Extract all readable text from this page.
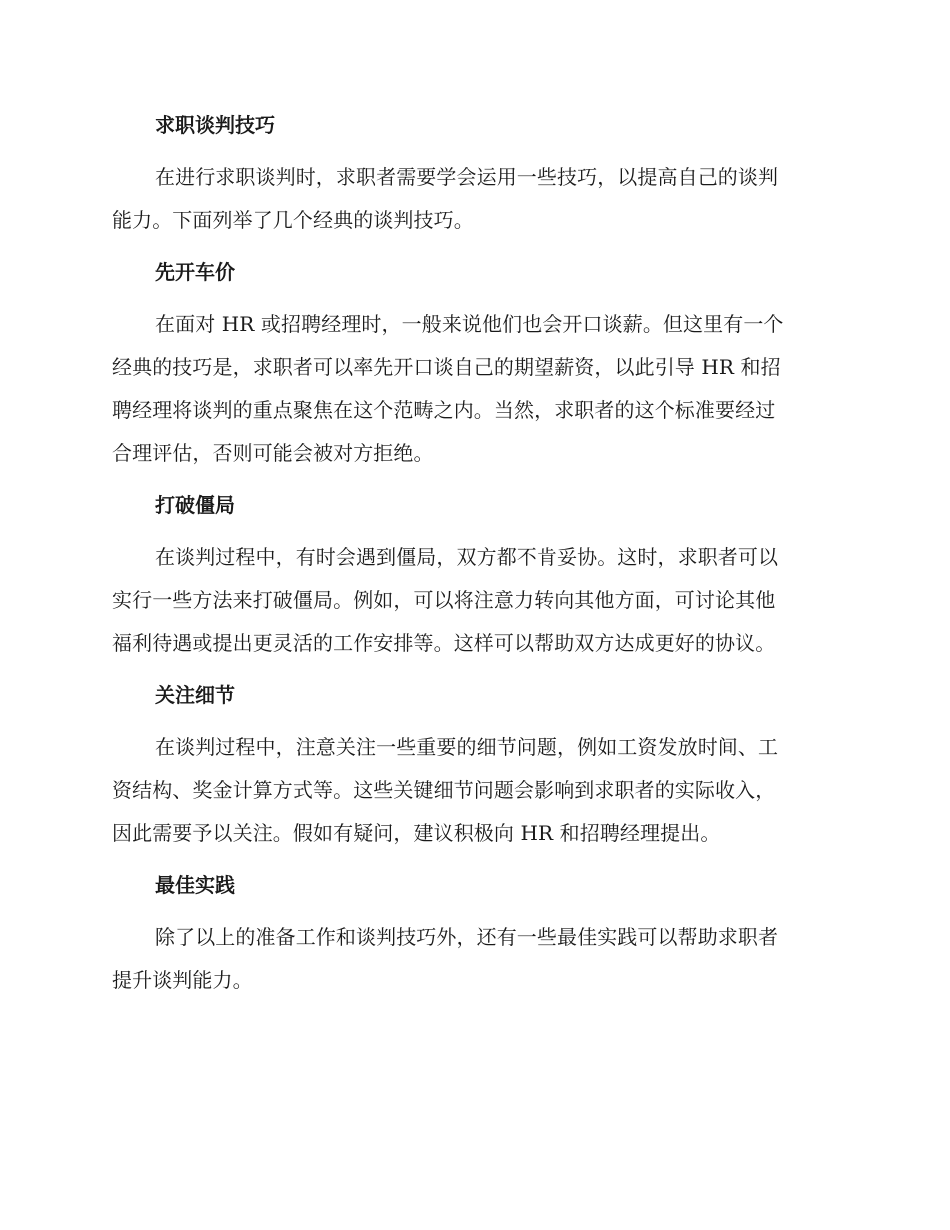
求职谈判技巧
在进行求职谈判时，求职者需要学会运用一些技巧，以提高自己的谈判
能力。下面列举了几个经典的谈判技巧。
先开车价
在面对 HR 或招聘经理时，一般来说他们也会开口谈薪。但这里有一个
经典的技巧是，求职者可以率先开口谈自己的期望薪资，以此引导 HR 和招
聘经理将谈判的重点聚焦在这个范畴之内。当然，求职者的这个标准要经过
合理评估，否则可能会被对方拒绝。
打破僵局
在谈判过程中，有时会遇到僵局，双方都不肯妥协。这时，求职者可以
实行一些方法来打破僵局。例如，可以将注意力转向其他方面，可讨论其他
福利待遇或提出更灵活的工作安排等。这样可以帮助双方达成更好的协议。
关注细节
在谈判过程中，注意关注一些重要的细节问题，例如工资发放时间、工
资结构、奖金计算方式等。这些关键细节问题会影响到求职者的实际收入，
因此需要予以关注。假如有疑问，建议积极向 HR 和招聘经理提出。
最佳实践
除了以上的准备工作和谈判技巧外，还有一些最佳实践可以帮助求职者
提升谈判能力。
